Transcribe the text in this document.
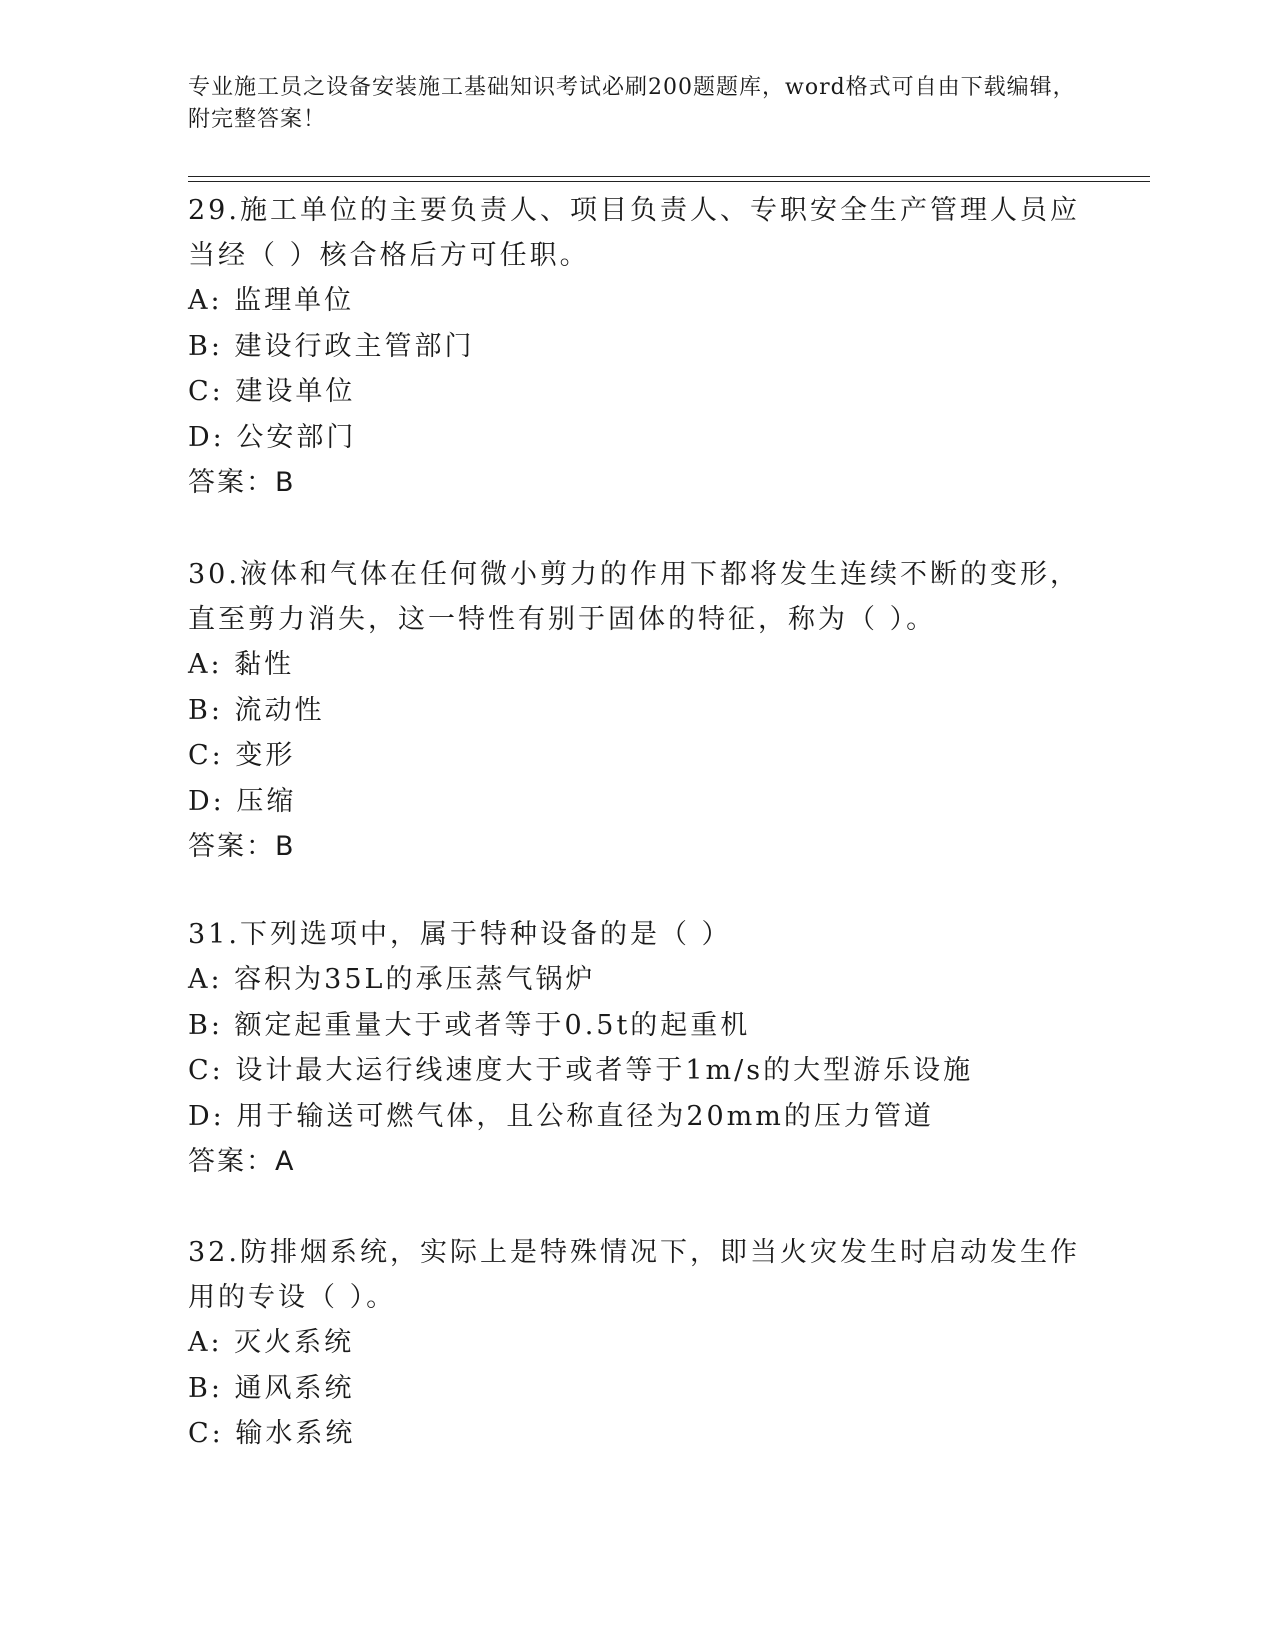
专业施工员之设备安装施工基础知识考试必刷200题题库，word格式可自由下载编辑，附完整答案！

29.施工单位的主要负责人、项目负责人、专职安全生产管理人员应当经（ ）核合格后方可任职。

A: 监理单位

B: 建设行政主管部门

C: 建设单位

D: 公安部门

答案：B

30.液体和气体在任何微小剪力的作用下都将发生连续不断的变形，直至剪力消失，这一特性有别于固体的特征，称为（ ）。

A: 黏性

B: 流动性

C: 变形

D: 压缩

答案：B

31.下列选项中，属于特种设备的是（ ）

A: 容积为35L的承压蒸气锅炉

B: 额定起重量大于或者等于0.5t的起重机

C: 设计最大运行线速度大于或者等于1m/s的大型游乐设施

D: 用于输送可燃气体，且公称直径为20mm的压力管道

答案：A

32.防排烟系统，实际上是特殊情况下，即当火灾发生时启动发生作用的专设（ ）。

A: 灭火系统

B: 通风系统

C: 输水系统
